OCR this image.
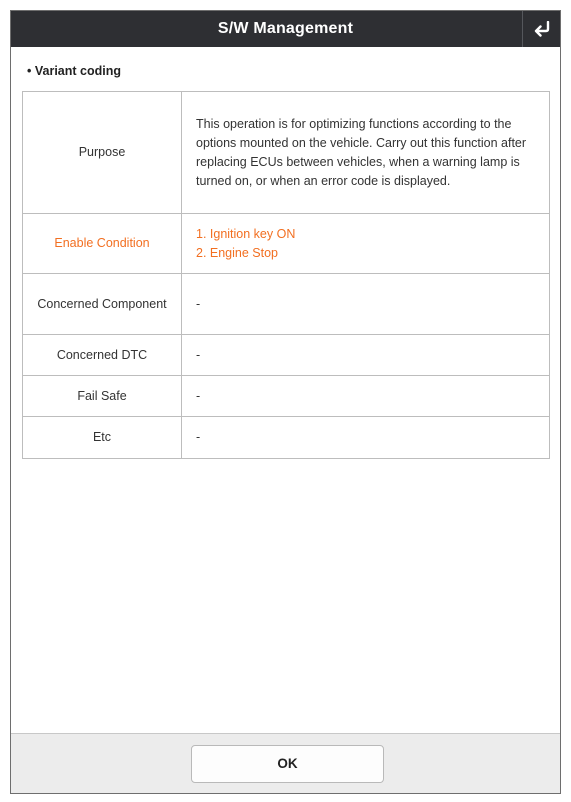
S/W Management
• Variant coding
Purpose	This operation is for optimizing functions according to the options mounted on the vehicle. Carry out this function after replacing ECUs between vehicles, when a warning lamp is turned on, or when an error code is displayed.
Enable Condition	1. Ignition key ON
2. Engine Stop

Concerned Component	-
Concerned DTC	-
Fail Safe	-
Etc	-
OK
